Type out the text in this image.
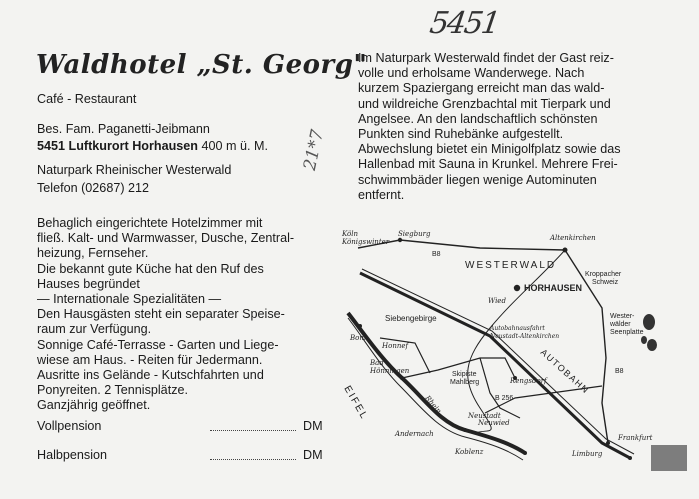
5451
21*7
Waldhotel „St. Georg"
Café - Restaurant
Bes. Fam. Paganetti-Jeibmann
5451 Luftkurort Horhausen 400 m ü. M.
Naturpark Rheinischer Westerwald
Telefon (02687) 212
Behaglich eingerichtete Hotelzimmer mit
fließ. Kalt- und Warmwasser, Dusche, Zentral-
heizung, Fernseher.
Die bekannt gute Küche hat den Ruf des
Hauses begründet
— Internationale Spezialitäten —
Den Hausgästen steht ein separater Speise-
raum zur Verfügung.
Sonnige Café-Terrasse - Garten und Liege-
wiese am Haus. - Reiten für Jedermann.
Ausritte ins Gelände - Kutschfahrten und
Ponyreiten. 2 Tennisplätze.
Ganzjährig geöffnet.
Vollpension	DM
Halbpension	DM
Im Naturpark Westerwald findet der Gast reiz-
volle und erholsame Wanderwege. Nach
kurzem Spaziergang erreicht man das wald-
und wildreiche Grenzbachtal mit Tierpark und
Angelsee. An den landschaftlich schönsten
Punkten sind Ruhebänke aufgestellt.
Abwechslung bietet ein Minigolfplatz sowie das
Hallenbad mit Sauna in Krunkel. Mehrere Frei-
schwimmbäder liegen wenige Autominuten
entfernt.
Köln
Königswinter
Siegburg	Altenkirchen
B8
WESTERWALD
Kroppacher
Schweiz
Wied
HORHAUSEN
Siebengebirge	Wester-
wälder
Seenplatte
Bonn
Honnef
Autobahnausfahrt
Neustadt-Altenkirchen
AUTOBAHN
Bad
Hönningen	Skipiste
Mahlberg	Rengsdorf
B8
B 256
Rhein
EIFEL	Neustadt
Neuwied
Andernach
Koblenz	Limburg
Frankfurt
